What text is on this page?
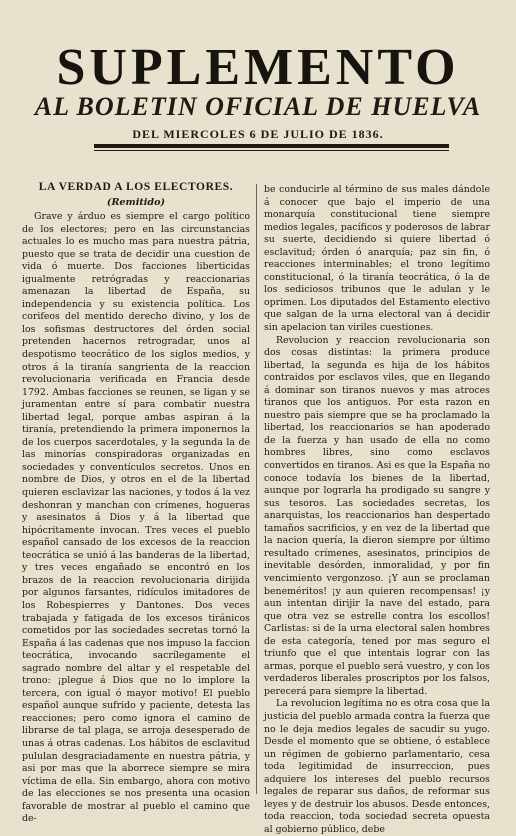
SUPLEMENTO
AL BOLETIN OFICIAL DE HUELVA
DEL MIERCOLES 6 DE JULIO DE 1836.
LA VERDAD A LOS ELECTORES.
(Remitido)

Grave y árduo es siempre el cargo político de los electores; pero en las circunstancias actuales lo es mucho mas para nuestra pátria, puesto que se trata de decidir una cuestion de vida ó muerte. Dos facciones liberticidas igualmente retrógradas y reaccionarias amenazan la libertad de España, su independencia y su existencia política. Los corifeos del mentido derecho divino, y los de los sofismas destructores del órden social pretenden hacernos retrogradar, unos al despotismo teocrático de los siglos medios, y otros á la tiranía sangrienta de la reaccion revolucionaria verificada en Francia desde 1792. Ambas facciones se reunen, se ligan y se juramentan entre sí para combatir nuestra libertad legal, porque ambas aspiran á la tiranía, pretendiendo la primera imponernos la de los cuerpos sacerdotales, y la segunda la de las minorías conspiradoras organizadas en sociedades y conventículos secretos. Unos en nombre de Dios, y otros en el de la libertad quieren esclavizar las naciones, y todos á la vez deshonran y manchan con crímenes, hogueras y asesinatos á Dios y á la libertad que hipócritamente invocan. Tres veces el pueblo español cansado de los excesos de la reaccion teocrática se unió á las banderas de la libertad, y tres veces engañado se encontró en los brazos de la reaccion revolucionaria dirijida por algunos farsantes, ridículos imitadores de los Robespierres y Dantones. Dos veces trabajada y fatigada de los excesos tiránicos cometidos por las sociedades secretas tornó la España á las cadenas que nos impuso la faccion teocrática, invocando sacrílegamente el sagrado nombre del altar y el respetable del trono: ¡plegue á Dios que no lo implore la tercera, con igual ó mayor motivo! El pueblo español aunque sufrido y paciente, detesta las reacciones; pero como ignora el camino de librarse de tal plaga, se arroja desesperado de unas á otras cadenas. Los hábitos de esclavitud pululan desgraciadamente en nuestra pátria, y asi por mas que la aborrece siempre se mira víctima de ella. Sin embargo, ahora con motivo de las elecciones se nos presenta una ocasion favorable de mostrar al pueblo el camino que de-

be conducirle al término de sus males dándole á conocer que bajo el imperio de una monarquía constitucional tiene siempre medios legales, pacíficos y poderosos de labrar su suerte, decidiendo si quiere libertad ó esclavitud; órden ó anarquía; paz sin fin, ó reacciones interminables; el trono legítimo constitucional, ó la tiranía teocrática, ó la de los sediciosos tribunos que le adulan y le oprimen. Los diputados del Estamento electivo que salgan de la urna electoral van á decidir sin apelacion tan viriles cuestiones.

Revolucion y reaccion revolucionaria son dos cosas distintas: la primera produce libertad, la segunda es hija de los hábitos contraidos por esclavos viles, que en llegando á dominar son tiranos nuevos y mas atroces tiranos que los antiguos. Por esta razon en nuestro pais siempre que se ha proclamado la libertad, los reaccionarios se han apoderado de la fuerza y han usado de ella no como hombres libres, sino como esclavos convertidos en tiranos. Asi es que la España no conoce todavía los bienes de la libertad, aunque por lograrla ha prodigado su sangre y sus tesoros. Las sociedades secretas, los anarquistas, los reaccionarios han despertado tamaños sacrificios, y en vez de la libertad que la nacion quería, la dieron siempre por último resultado crímenes, asesinatos, principios de inevitable desórden, inmoralidad, y por fin vencimiento vergonzoso. ¡Y aun se proclaman beneméritos! ¡y aun quieren recompensas! ¡y aun intentan dirijir la nave del estado, para que otra vez se estrelle contra los escollos! Carlistas: si de la urna electoral salen hombres de esta categoría, tened por mas seguro el triunfo que el que intentais lograr con las armas, porque el pueblo será vuestro, y con los verdaderos liberales proscriptos por los falsos, perecerá para siempre la libertad.

La revolucion legítima no es otra cosa que la justicia del pueblo armada contra la fuerza que no le deja medios legales de sacudir su yugo. Desde el momento que se obtiene, ó establece un régimen de gobierno parlamentario, cesa toda legitimidad de insurreccion, pues adquiere los intereses del pueblo recursos legales de reparar sus daños, de reformar sus leyes y de destruir los abusos. Desde entonces, toda reaccion, toda sociedad secreta opuesta al gobierno público, debe
